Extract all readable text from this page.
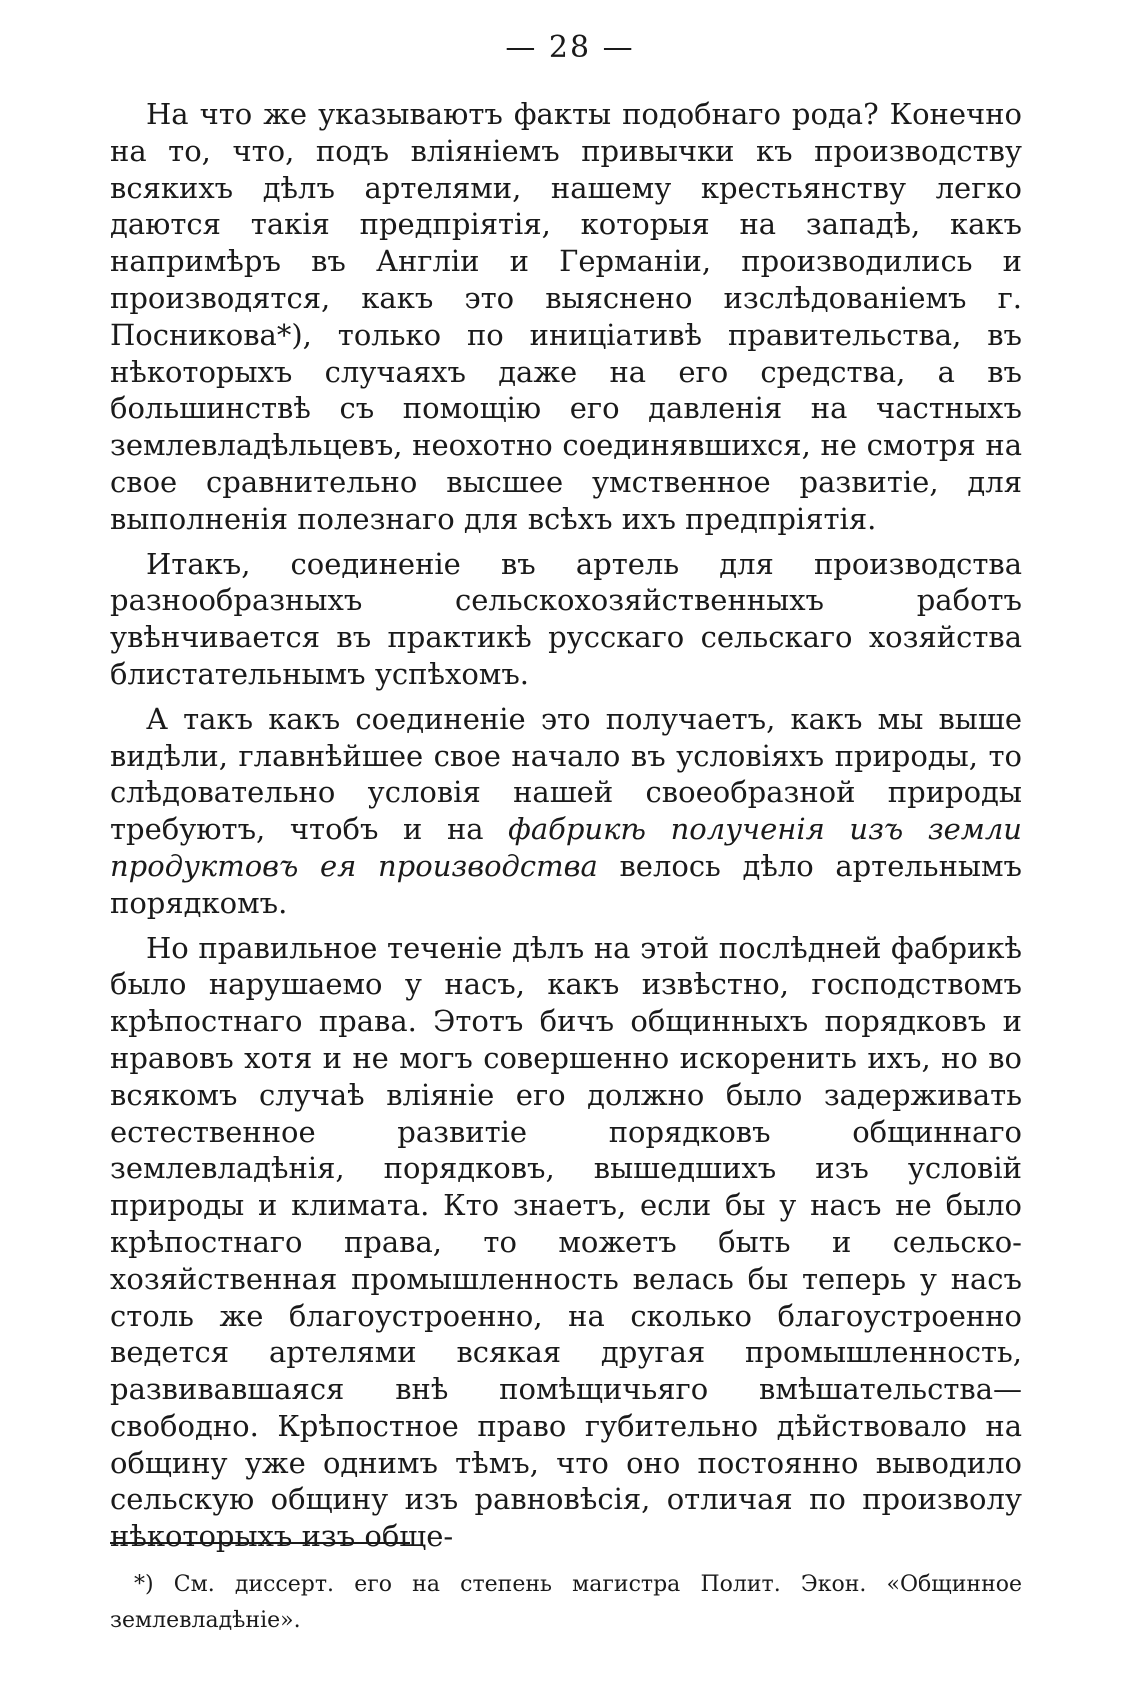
— 28 —

На что же указываютъ факты подобнаго рода? Конечно на то, что, подъ вліяніемъ привычки къ производству всякихъ дѣлъ артелями, нашему крестьянству легко даются такія предпріятія, которыя на западѣ, какъ напримѣръ въ Англіи и Германіи, производились и производятся, какъ это выяснено изслѣдованіемъ г. Посникова*), только по иниціативѣ правительства, въ нѣкоторыхъ случаяхъ даже на его средства, а въ большинствѣ съ помощію его давленія на частныхъ землевладѣльцевъ, неохотно соединявшихся, не смотря на свое сравнительно высшее умственное развитіе, для выполненія полезнаго для всѣхъ ихъ предпріятія.

Итакъ, соединеніе въ артель для производства разнообразныхъ сельскохозяйственныхъ работъ увѣнчивается въ практикѣ русскаго сельскаго хозяйства блистательнымъ успѣхомъ.

А такъ какъ соединеніе это получаетъ, какъ мы выше видѣли, главнѣйшее свое начало въ условіяхъ природы, то слѣдовательно условія нашей своеобразной природы требуютъ, чтобъ и на фабрикѣ полученія изъ земли продуктовъ ея производства велось дѣло артельнымъ порядкомъ.

Но правильное теченіе дѣлъ на этой послѣдней фабрикѣ было нарушаемо у насъ, какъ извѣстно, господствомъ крѣпостнаго права. Этотъ бичъ общинныхъ порядковъ и нравовъ хотя и не могъ совершенно искоренить ихъ, но во всякомъ случаѣ вліяніе его должно было задерживать естественное развитіе порядковъ общиннаго землевладѣнія, порядковъ, вышедшихъ изъ условій природы и климата. Кто знаетъ, если бы у насъ не было крѣпостнаго права, то можетъ быть и сельско-хозяйственная промышленность велась бы теперь у насъ столь же благоустроенно, на сколько благоустроенно ведется артелями всякая другая промышленность, развивавшаяся внѣ помѣщичьяго вмѣшательства—свободно. Крѣпостное право губительно дѣйствовало на общину уже однимъ тѣмъ, что оно постоянно выводило сельскую общину изъ равновѣсія, отличая по произволу нѣкоторыхъ изъ обще-

*) См. диссерт. его на степень магистра Полит. Экон. «Общинное землевладѣніе».
